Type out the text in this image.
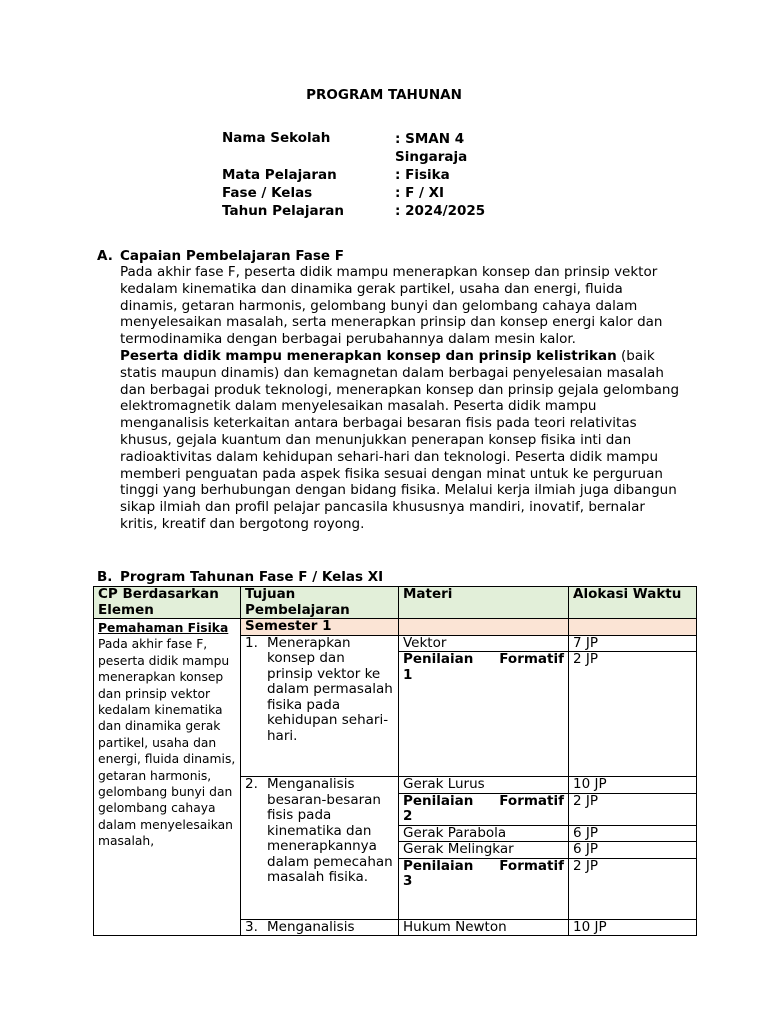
PROGRAM TAHUNAN
Nama Sekolah	: SMAN 4 Singaraja
Mata Pelajaran	: Fisika
Fase / Kelas	: F / XI
Tahun Pelajaran	: 2024/2025
A. Capaian Pembelajaran Fase F
Pada akhir fase F, peserta didik mampu menerapkan konsep dan prinsip vektor kedalam kinematika dan dinamika gerak partikel, usaha dan energi, fluida dinamis, getaran harmonis, gelombang bunyi dan gelombang cahaya dalam menyelesaikan masalah, serta menerapkan prinsip dan konsep energi kalor dan termodinamika dengan berbagai perubahannya dalam mesin kalor.
Peserta didik mampu menerapkan konsep dan prinsip kelistrikan (baik statis maupun dinamis) dan kemagnetan dalam berbagai penyelesaian masalah dan berbagai produk teknologi, menerapkan konsep dan prinsip gejala gelombang elektromagnetik dalam menyelesaikan masalah. Peserta didik mampu menganalisis keterkaitan antara berbagai besaran fisis pada teori relativitas khusus, gejala kuantum dan menunjukkan penerapan konsep fisika inti dan radioaktivitas dalam kehidupan sehari-hari dan teknologi. Peserta didik mampu memberi penguatan pada aspek fisika sesuai dengan minat untuk ke perguruan tinggi yang berhubungan dengan bidang fisika. Melalui kerja ilmiah juga dibangun sikap ilmiah dan profil pelajar pancasila khususnya mandiri, inovatif, bernalar kritis, kreatif dan bergotong royong.
B. Program Tahunan Fase F / Kelas XI
CP Berdasarkan Elemen	Tujuan Pembelajaran	Materi	Alokasi Waktu

Pemahaman Fisika
Pada akhir fase F, peserta didik mampu menerapkan konsep dan prinsip vektor kedalam kinematika dan dinamika gerak partikel, usaha dan energi, fluida dinamis, getaran harmonis, gelombang bunyi dan gelombang cahaya dalam menyelesaikan masalah,	Semester 1		

	1. Menerapkan konsep dan prinsip vektor ke dalam permasalah fisika pada kehidupan sehari-hari.	Vektor	7 JP

		Penilaian Formatif
1	2 JP

	2. Menganalisis besaran-besaran fisis pada kinematika dan menerapkannya dalam pemecahan masalah fisika.	Gerak Lurus	10 JP

		Penilaian Formatif
2	2 JP
		Gerak Parabola	6 JP
		Gerak Melingkar	6 JP

		Penilaian Formatif
3	2 JP

	3. Menganalisis	Hukum Newton	10 JP
